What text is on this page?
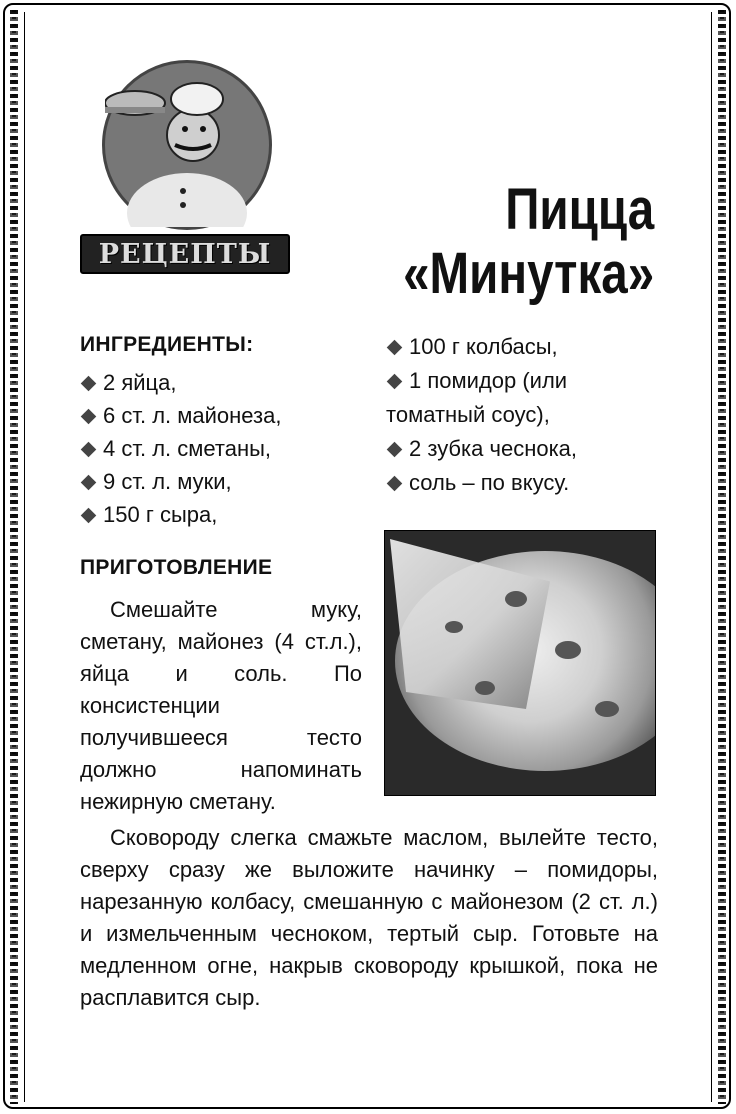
РЕЦЕПТЫ
Пицца
«Минутка»
ИНГРЕДИЕНТЫ:
2 яйца,
6 ст. л. майонеза,
4 ст. л. сметаны,
9 ст. л. муки,
150 г сыра,
100 г колбасы,
1 помидор (или
томатный соус),
2 зубка чеснока,
соль – по вкусу.
ПРИГОТОВЛЕНИЕ

Смешайте муку, сметану, майонез (4 ст.л.), яйца и соль. По консистенции получившееся тесто должно напоминать нежирную сметану.

Сковороду слегка смажьте маслом, вылейте тесто, сверху сразу же выложите начинку – помидоры, нарезанную колбасу, смешанную с майонезом (2 ст. л.) и измельченным чесноком, тертый сыр. Готовьте на медленном огне, накрыв сковороду крышкой, пока не расплавится сыр.
